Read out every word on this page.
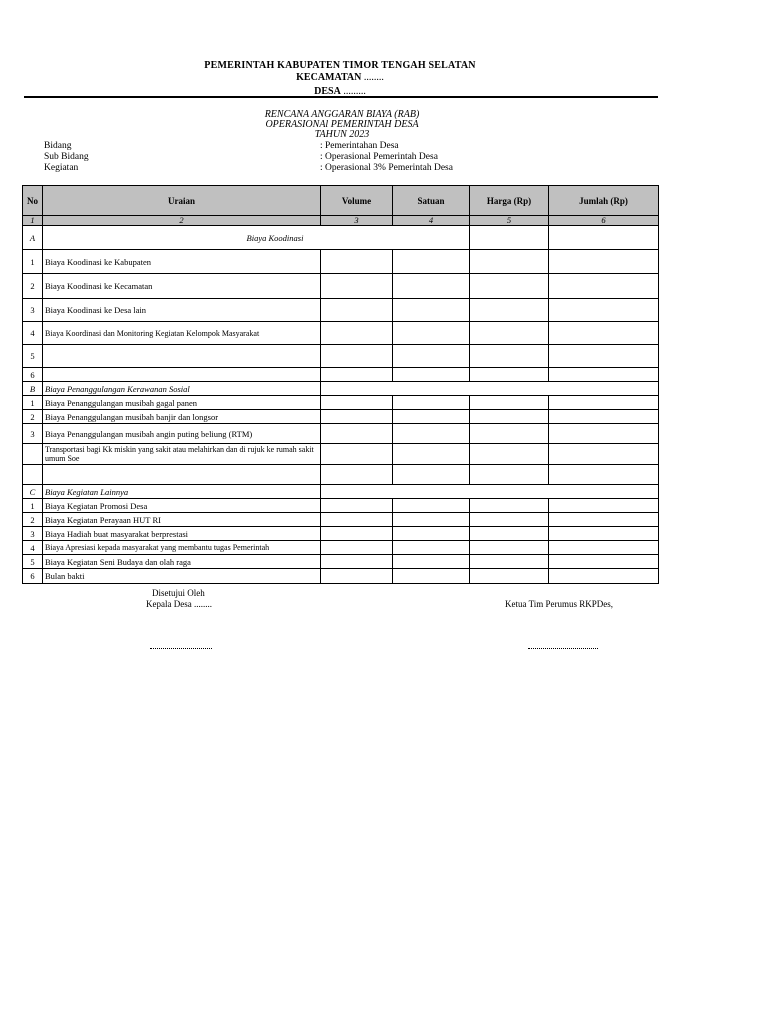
PEMERINTAH KABUPATEN TIMOR TENGAH SELATAN
KECAMATAN ........
DESA .........
RENCANA ANGGARAN BIAYA (RAB)
OPERASIONAl PEMERINTAH DESA
TAHUN 2023
Bidang	: Pemerintahan Desa
Sub Bidang	: Operasional Pemerintah Desa
Kegiatan	: Operasional 3% Pemerintah Desa
No	Uraian	Volume	Satuan	Harga (Rp)	Jumlah (Rp)
1	2	3	4	5	6
A	Biaya Koodinasi				
1	Biaya Koodinasi ke Kabupaten				
2	Biaya Koodinasi ke Kecamatan				
3	Biaya Koodinasi ke Desa lain				
4	Biaya Koordinasi dan Monitoring Kegiatan Kelompok Masyarakat				
5					
6					
B	Biaya Penanggulangan Kerawanan Sosial				
1	Biaya Penanggulangan musibah gagal panen				
2	Biaya Penanggulangan musibah banjir dan longsor				
3	Biaya Penanggulangan musibah angin puting beliung (RTM)				
	Transportasi bagi Kk miskin yang sakit atau melahirkan dan di rujuk ke rumah sakit umum Soe				

C	Biaya Kegiatan Lainnya				
1	Biaya Kegiatan Promosi Desa				
2	Biaya Kegiatan Perayaan HUT RI				
3	Biaya Hadiah buat masyarakat berprestasi				
4	Biaya Apresiasi kepada masyarakat yang membantu tugas Pemerintah				
5	Biaya Kegiatan Seni Budaya dan olah raga				
6	Bulan bakti				
Disetujui Oleh
Kepala Desa ........	Ketua Tim Perumus RKPDes,
